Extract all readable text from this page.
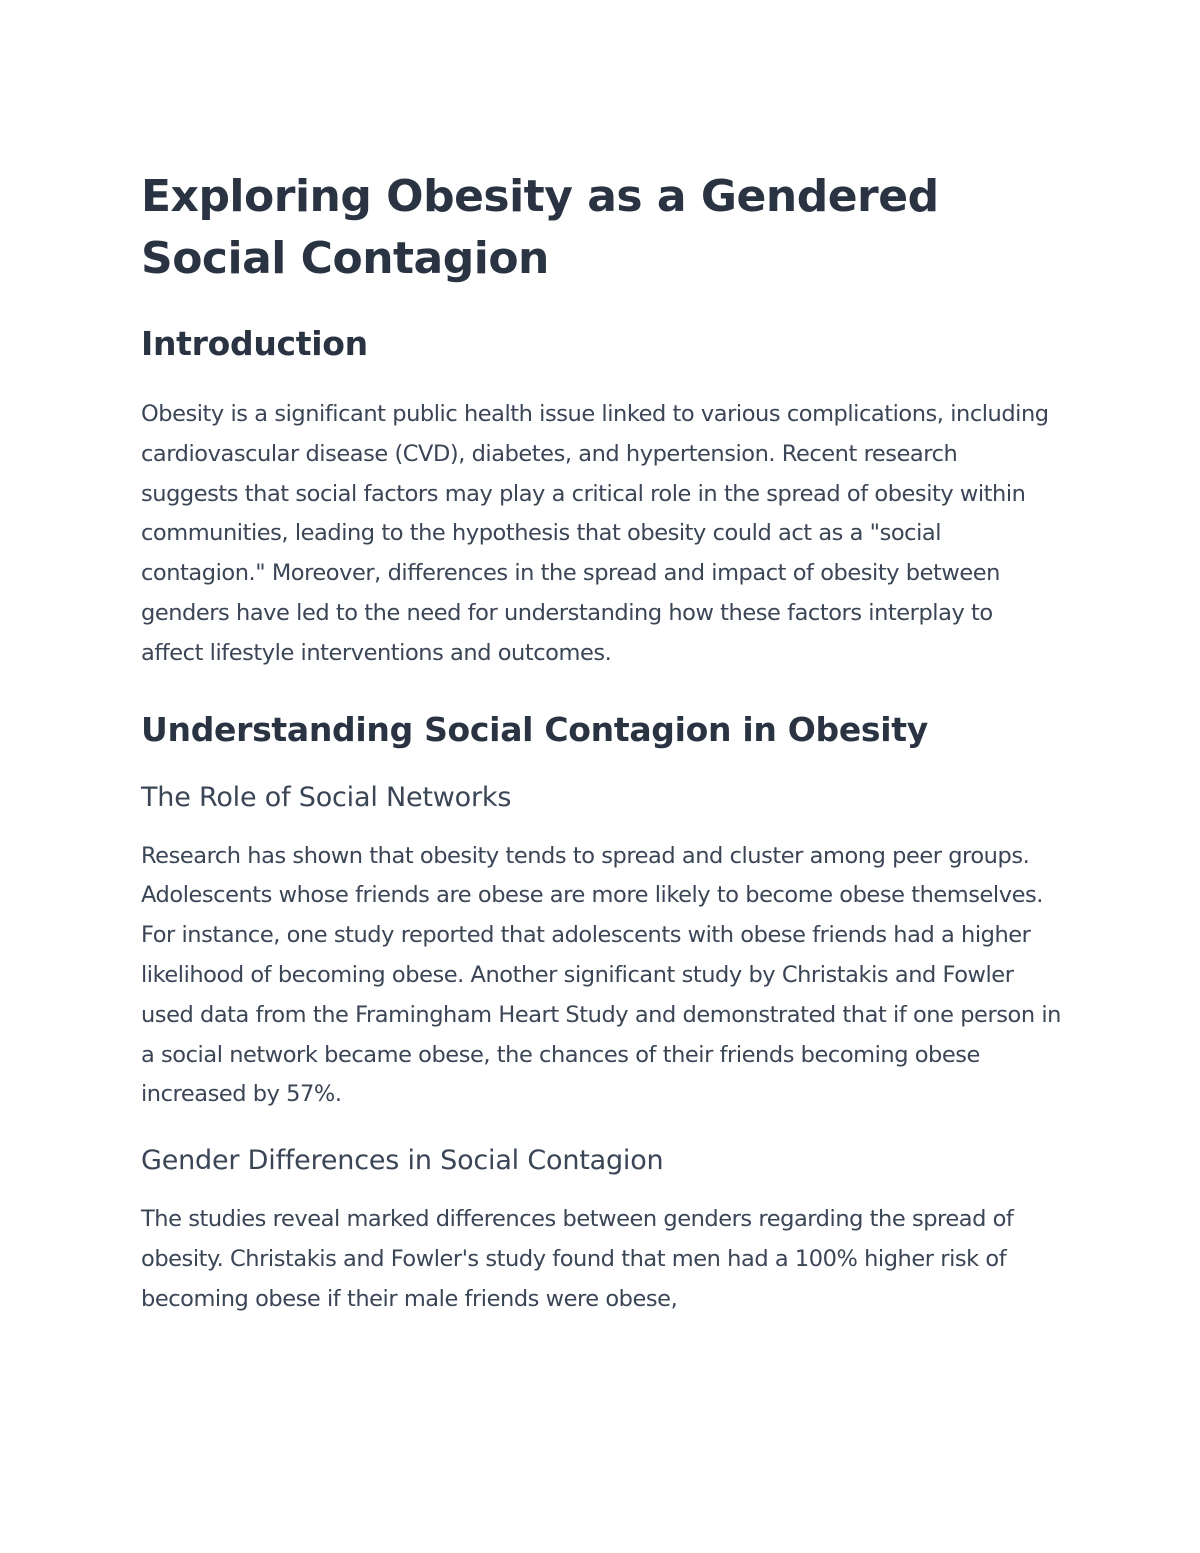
Exploring Obesity as a Gendered Social Contagion
Introduction

Obesity is a significant public health issue linked to various complications, including cardiovascular disease (CVD), diabetes, and hypertension. Recent research suggests that social factors may play a critical role in the spread of obesity within communities, leading to the hypothesis that obesity could act as a "social contagion." Moreover, differences in the spread and impact of obesity between genders have led to the need for understanding how these factors interplay to affect lifestyle interventions and outcomes.

Understanding Social Contagion in Obesity
The Role of Social Networks

Research has shown that obesity tends to spread and cluster among peer groups. Adolescents whose friends are obese are more likely to become obese themselves. For instance, one study reported that adolescents with obese friends had a higher likelihood of becoming obese. Another significant study by Christakis and Fowler used data from the Framingham Heart Study and demonstrated that if one person in a social network became obese, the chances of their friends becoming obese increased by 57%.

Gender Differences in Social Contagion

The studies reveal marked differences between genders regarding the spread of obesity. Christakis and Fowler's study found that men had a 100% higher risk of becoming obese if their male friends were obese,
